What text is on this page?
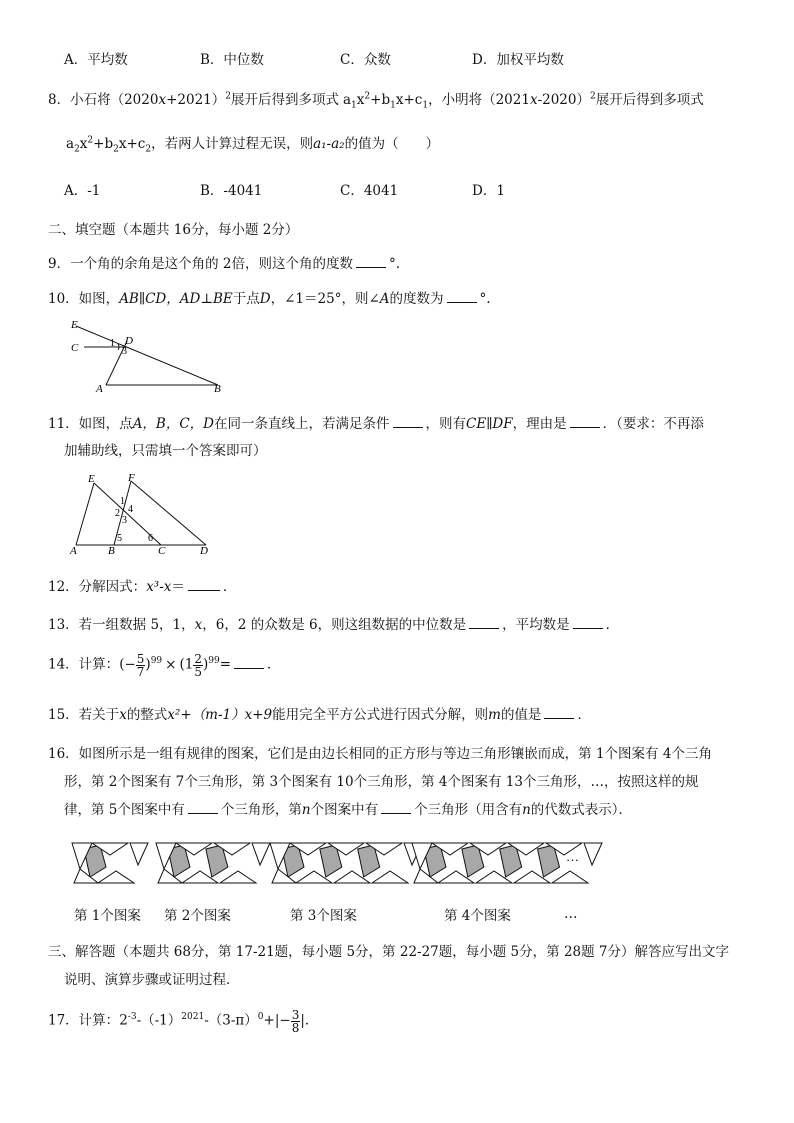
A．平均数	B．中位数	C．众数	D．加权平均数
8．小石将$(2020x+2021)^2$展开后得到多项式 $a_1x^2+b_1x+c_1$，小明将$(2021x-2020)^2$展开后得到多项式
$a_2x^2+b_2x+c_2$，若两人计算过程无误，则a₁-a₂的值为（　　）
A．-1	B．-4041	C．4041	D．1
二、填空题（本题共 16分，每小题 2分）
9．一个角的余角是这个角的 2倍，则这个角的度数	°.
10．如图，AB∥CD，AD⊥BE于点D，∠1＝25°，则∠A的度数为	°.
E
C	1 D
3
A	B
11．如图，点A，B，C，D在同一条直线上，若满足条件	，则有CE∥DF，理由是	．（要求：不再添
加辅助线，只需填一个答案即可）
E	F
1
2 4
3
5	6
A	B	C	D
12．分解因式：x³-x＝	．
13．若一组数据 5，1，x，6，2 的众数是 6，则这组数据的中位数是	，平均数是	．
14．计算：(− $\frac{5}{7} )^{99} \times (1 \frac{2}{5} )^{99}=$	．
15．若关于x的整式x²+（m-1）x+9能用完全平方公式进行因式分解，则m的值是	．
16．如图所示是一组有规律的图案，它们是由边长相同的正方形与等边三角形镶嵌而成，第 1个图案有 4个三角
形，第 2个图案有 7个三角形，第 3个图案有 10个三角形，第 4个图案有 13个三角形，…，按照这样的规
律，第 5个图案中有	个三角形，第n个图案中有	个三角形（用含有n的代数式表示）．
…
第 1个图案 第 2个图案	第 3个图案	第 4个图案	…
三、解答题（本题共 68分，第 17-21题，每小题 5分，第 22-27题，每小题 5分，第 28题 7分）解答应写出文字
说明、演算步骤或证明过程．
17．计算：$2^{-3}-(-1)^{2021}-(3-\pi)^0+|- \frac{3}{8}$ |．
